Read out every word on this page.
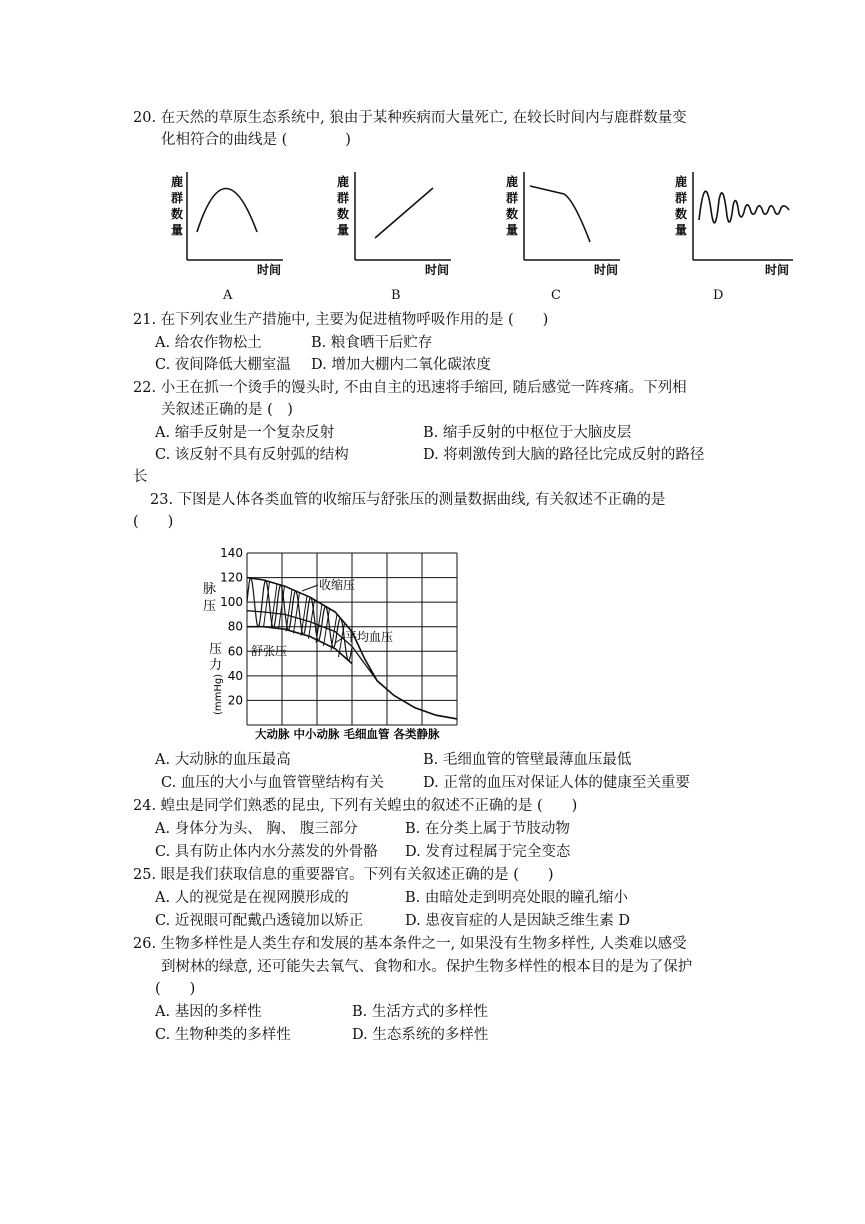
20. 在天然的草原生态系统中, 狼由于某种疾病而大量死亡, 在较长时间内与鹿群数量变
化相符合的曲线是 (　　　　)
鹿
群
数
量
时间
A
鹿
群
数
量
时间
B
鹿
群
数
量
时间
C
鹿
群
数
量
时间
D
21. 在下列农业生产措施中, 主要为促进植物呼吸作用的是 (　　)
A. 给农作物松土	B. 粮食晒干后贮存
C. 夜间降低大棚室温 D. 增加大棚内二氧化碳浓度
22. 小王在抓一个烫手的馒头时, 不由自主的迅速将手缩回, 随后感觉一阵疼痛。下列相
关叙述正确的是 (　)
A. 缩手反射是一个复杂反射	B. 缩手反射的中枢位于大脑皮层
C. 该反射不具有反射弧的结构	D. 将刺激传到大脑的路径比完成反射的路径
长
23. 下图是人体各类血管的收缩压与舒张压的测量数据曲线, 有关叙述不正确的是
(　　)
20
40
60
80
100
120
140
脉
压
压
力
(mmHg)
收缩压
平均血压
舒张压
大动脉 中小动脉 毛细血管 各类静脉
A. 大动脉的血压最高	B. 毛细血管的管壁最薄血压最低
C. 血压的大小与血管管壁结构有关	D. 正常的血压对保证人体的健康至关重要
24. 蝗虫是同学们熟悉的昆虫, 下列有关蝗虫的叙述不正确的是 (　　)
A. 身体分为头、 胸、 腹三部分	B. 在分类上属于节肢动物
C. 具有防止体内水分蒸发的外骨骼 D. 发育过程属于完全变态
25. 眼是我们获取信息的重要器官。下列有关叙述正确的是 (　　)
A. 人的视觉是在视网膜形成的	B. 由暗处走到明亮处眼的瞳孔缩小
C. 近视眼可配戴凸透镜加以矫正	D. 患夜盲症的人是因缺乏维生素 D
26. 生物多样性是人类生存和发展的基本条件之一, 如果没有生物多样性, 人类难以感受
到树林的绿意, 还可能失去氧气、食物和水。保护生物多样性的根本目的是为了保护
(　　)
A. 基因的多样性	B. 生活方式的多样性
C. 生物种类的多样性	D. 生态系统的多样性
